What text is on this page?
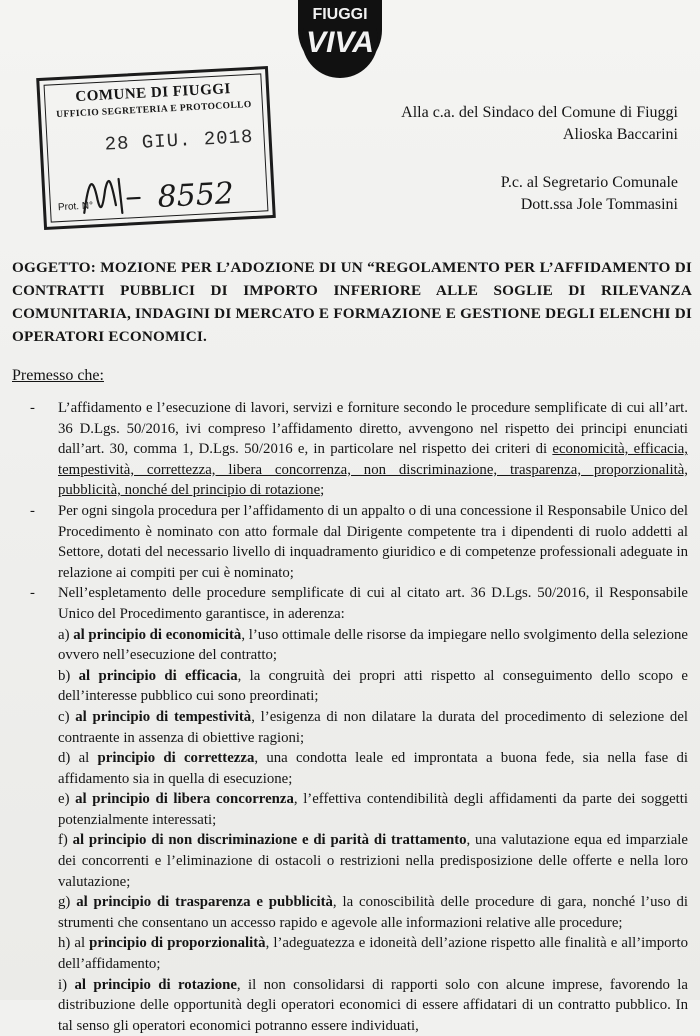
FIUGGI
VIVA
COMUNE DI FIUGGI
UFFICIO SEGRETERIA E PROTOCOLLO
28 GIU. 2018
Prot. N° 8552
Alla c.a. del Sindaco del Comune di Fiuggi
Alioska Baccarini
P.c. al Segretario Comunale
Dott.ssa Jole Tommasini
OGGETTO: MOZIONE PER L’ADOZIONE DI UN “REGOLAMENTO PER L’AFFIDAMENTO DI CONTRATTI PUBBLICI DI IMPORTO INFERIORE ALLE SOGLIE DI RILEVANZA COMUNITARIA, INDAGINI DI MERCATO E FORMAZIONE E GESTIONE DEGLI ELENCHI DI OPERATORI ECONOMICI.
Premesso che:
- L’affidamento e l’esecuzione di lavori, servizi e forniture secondo le procedure semplificate di cui all’art. 36 D.Lgs. 50/2016, ivi compreso l’affidamento diretto, avvengono nel rispetto dei principi enunciati dall’art. 30, comma 1, D.Lgs. 50/2016 e, in particolare nel rispetto dei criteri di economicità, efficacia, tempestività, correttezza, libera concorrenza, non discriminazione, trasparenza, proporzionalità, pubblicità, nonché del principio di rotazione;
- Per ogni singola procedura per l’affidamento di un appalto o di una concessione il Responsabile Unico del Procedimento è nominato con atto formale dal Dirigente competente tra i dipendenti di ruolo addetti al Settore, dotati del necessario livello di inquadramento giuridico e di competenze professionali adeguate in relazione ai compiti per cui è nominato;
- Nell’espletamento delle procedure semplificate di cui al citato art. 36 D.Lgs. 50/2016, il Responsabile Unico del Procedimento garantisce, in aderenza:
a) al principio di economicità, l’uso ottimale delle risorse da impiegare nello svolgimento della selezione ovvero nell’esecuzione del contratto;
b) al principio di efficacia, la congruità dei propri atti rispetto al conseguimento dello scopo e dell’interesse pubblico cui sono preordinati;
c) al principio di tempestività, l’esigenza di non dilatare la durata del procedimento di selezione del contraente in assenza di obiettive ragioni;
d) al principio di correttezza, una condotta leale ed improntata a buona fede, sia nella fase di affidamento sia in quella di esecuzione;
e) al principio di libera concorrenza, l’effettiva contendibilità degli affidamenti da parte dei soggetti potenzialmente interessati;
f) al principio di non discriminazione e di parità di trattamento, una valutazione equa ed imparziale dei concorrenti e l’eliminazione di ostacoli o restrizioni nella predisposizione delle offerte e nella loro valutazione;
g) al principio di trasparenza e pubblicità, la conoscibilità delle procedure di gara, nonché l’uso di strumenti che consentano un accesso rapido e agevole alle informazioni relative alle procedure;
h) al principio di proporzionalità, l’adeguatezza e idoneità dell’azione rispetto alle finalità e all’importo dell’affidamento;
i) al principio di rotazione, il non consolidarsi di rapporti solo con alcune imprese, favorendo la distribuzione delle opportunità degli operatori economici di essere affidatari di un contratto pubblico. In tal senso gli operatori economici potranno essere individuati,
